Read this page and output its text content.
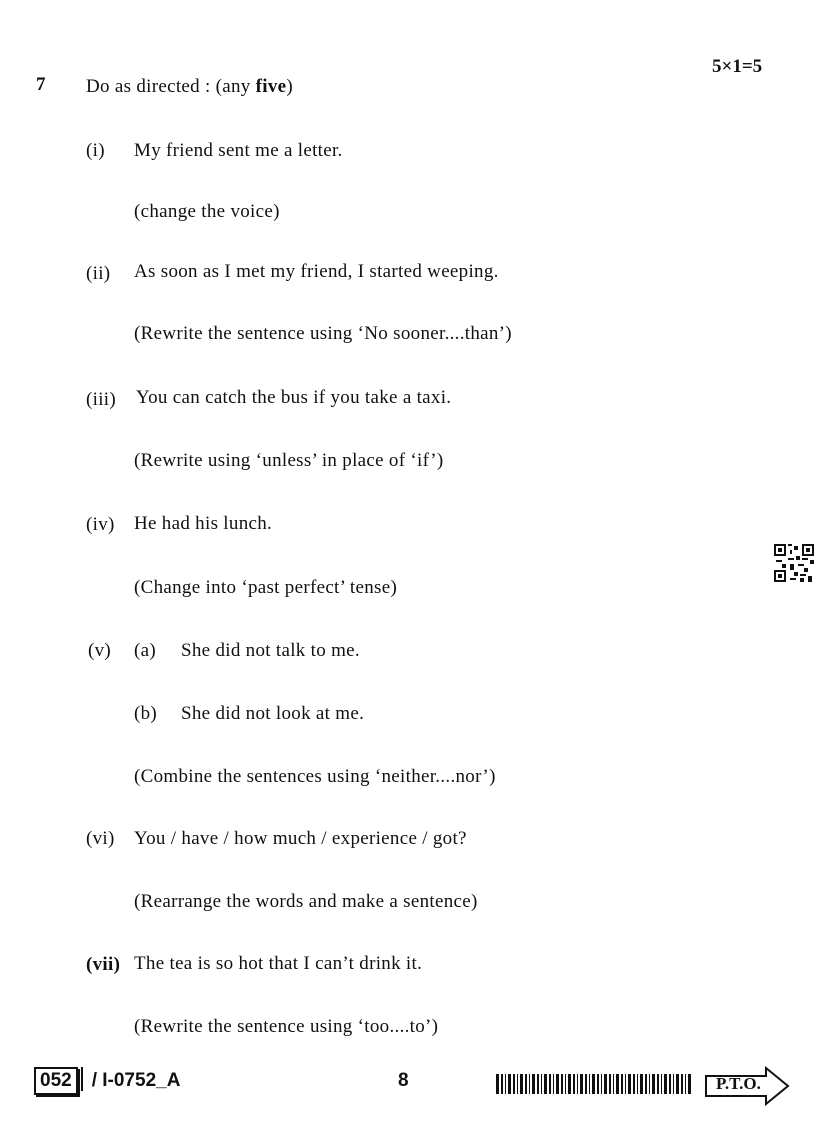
5×1=5
7 Do as directed : (any five)
(i) My friend sent me a letter.
(change the voice)
(ii) As soon as I met my friend, I started weeping.
(Rewrite the sentence using ‘No sooner....than’)
(iii) You can catch the bus if you take a taxi.
(Rewrite using ‘unless’ in place of ‘if’)
(iv) He had his lunch.
(Change into ‘past perfect’ tense)
(v) (a) She did not talk to me.
(b) She did not look at me.
(Combine the sentences using ‘neither....nor’)
(vi) You / have / how much / experience / got?
(Rearrange the words and make a sentence)
(vii) The tea is so hot that I can’t drink it.
(Rewrite the sentence using ‘too....to’)
052	/ I-0752_A	8	P.T.O.
